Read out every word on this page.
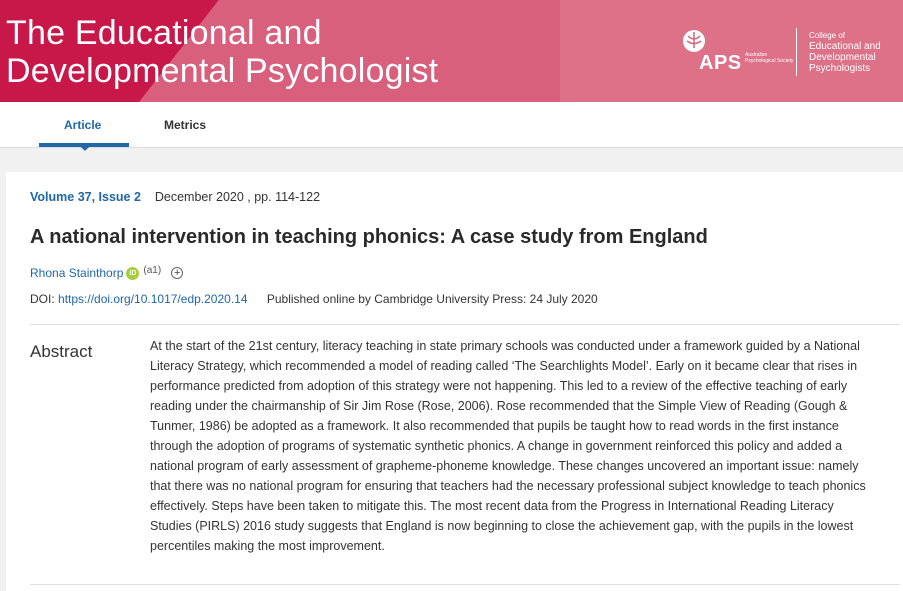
The Educational and
Developmental Psychologist	APS Australian Psychological Society
College of
Educational and
Developmental
Psychologists
Article	Metrics
Volume 37, Issue 2 December 2020 , pp. 114-122
A national intervention in teaching phonics: A case study from England
Rhona Stainthorp iD (a1) +
DOI: https://doi.org/10.1017/edp.2020.14 Published online by Cambridge University Press: 24 July 2020
Abstract	At the start of the 21st century, literacy teaching in state primary schools was conducted under a framework guided by a National Literacy Strategy, which recommended a model of reading called ‘The Searchlights Model’. Early on it became clear that rises in performance predicted from adoption of this strategy were not happening. This led to a review of the effective teaching of early reading under the chairmanship of Sir Jim Rose (Rose, 2006). Rose recommended that the Simple View of Reading (Gough & Tunmer, 1986) be adopted as a framework. It also recommended that pupils be taught how to read words in the first instance through the adoption of programs of systematic synthetic phonics. A change in government reinforced this policy and added a national program of early assessment of grapheme-phoneme knowledge. These changes uncovered an important issue: namely that there was no national program for ensuring that teachers had the necessary professional subject knowledge to teach phonics effectively. Steps have been taken to mitigate this. The most recent data from the Progress in International Reading Literacy Studies (PIRLS) 2016 study suggests that England is now beginning to close the achievement gap, with the pupils in the lowest percentiles making the most improvement.
